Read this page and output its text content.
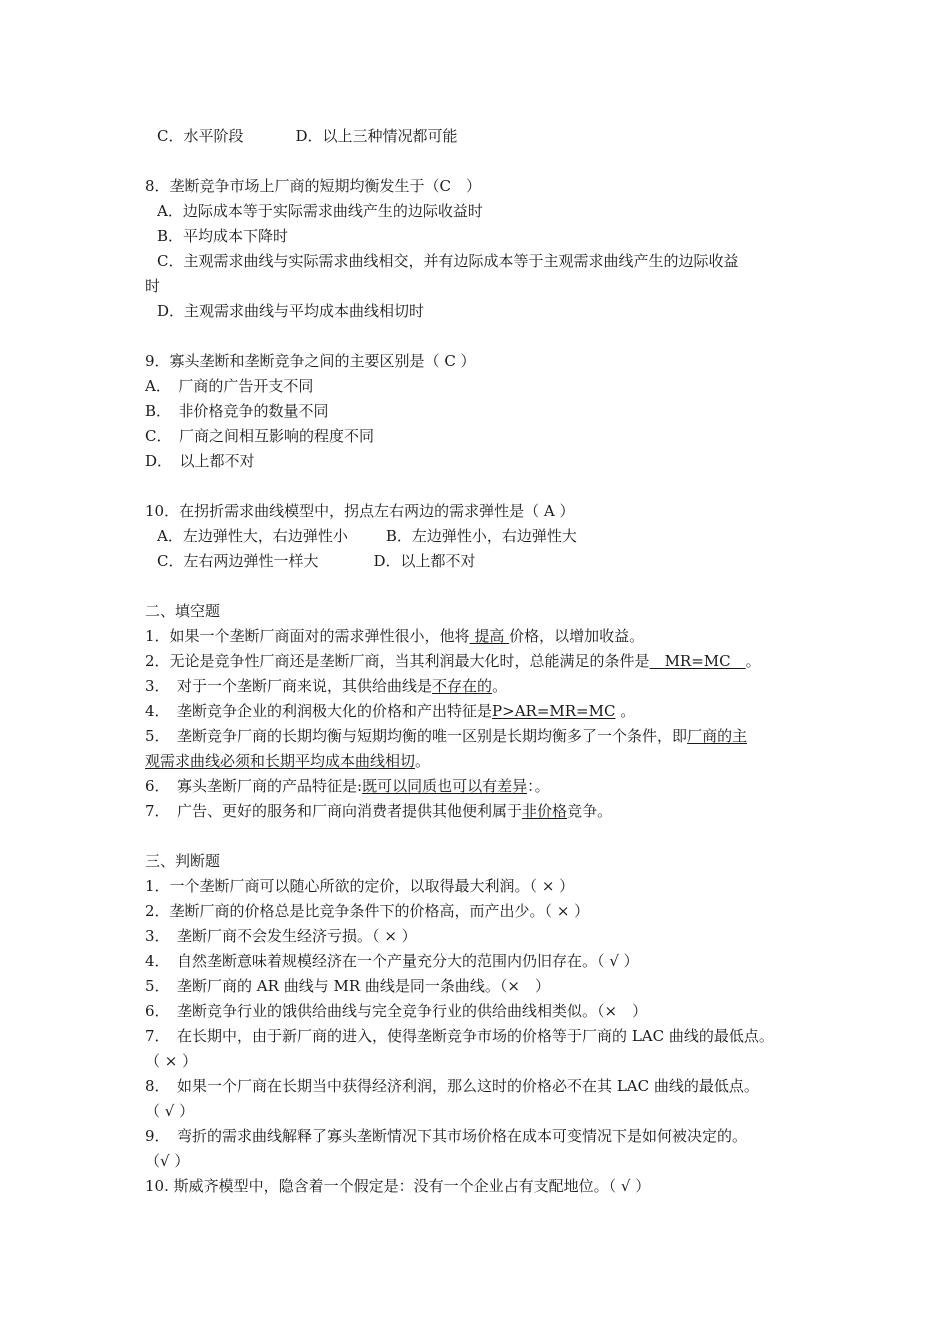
C．水平阶段	D．以上三种情况都可能
8．垄断竞争市场上厂商的短期均衡发生于（C　）
A．边际成本等于实际需求曲线产生的边际收益时
B．平均成本下降时
C．主观需求曲线与实际需求曲线相交，并有边际成本等于主观需求曲线产生的边际收益
时
D．主观需求曲线与平均成本曲线相切时
9．寡头垄断和垄断竞争之间的主要区别是（ C ）
A．　厂商的广告开支不同
B．　非价格竞争的数量不同
C．　厂商之间相互影响的程度不同
D．　以上都不对
10．在拐折需求曲线模型中，拐点左右两边的需求弹性是（ A ）
A．左边弹性大，右边弹性小	B．左边弹性小，右边弹性大
C．左右两边弹性一样大	D．以上都不对
二、填空题
1．如果一个垄断厂商面对的需求弹性很小，他将 提高 价格，以增加收益。
2．无论是竞争性厂商还是垄断厂商，当其利润最大化时，总能满足的条件是　MR=MC　。
3．　对于一个垄断厂商来说，其供给曲线是不存在的。
4．　垄断竞争企业的利润极大化的价格和产出特征是P>AR=MR=MC 。
5．　垄断竞争厂商的长期均衡与短期均衡的唯一区别是长期均衡多了一个条件，即厂商的主
观需求曲线必须和长期平均成本曲线相切。
6．　寡头垄断厂商的产品特征是:既可以同质也可以有差异：。
7．　广告、更好的服务和厂商向消费者提供其他便利属于非价格竞争。
三、判断题
1．一个垄断厂商可以随心所欲的定价，以取得最大利润。（ × ）
2．垄断厂商的价格总是比竞争条件下的价格高，而产出少。（ × ）
3．　垄断厂商不会发生经济亏损。（ × ）
4．　自然垄断意味着规模经济在一个产量充分大的范围内仍旧存在。（ √ ）
5．　垄断厂商的 AR 曲线与 MR 曲线是同一条曲线。（×　）
6．　垄断竞争行业的饿供给曲线与完全竞争行业的供给曲线相类似。（×　）
7．　在长期中，由于新厂商的进入，使得垄断竞争市场的价格等于厂商的 LAC 曲线的最低点。
（ × ）
8．　如果一个厂商在长期当中获得经济利润，那么这时的价格必不在其 LAC 曲线的最低点。
（ √ ）
9．　弯折的需求曲线解释了寡头垄断情况下其市场价格在成本可变情况下是如何被决定的。
（√ ）
10. 斯威齐模型中，隐含着一个假定是：没有一个企业占有支配地位。（ √ ）
